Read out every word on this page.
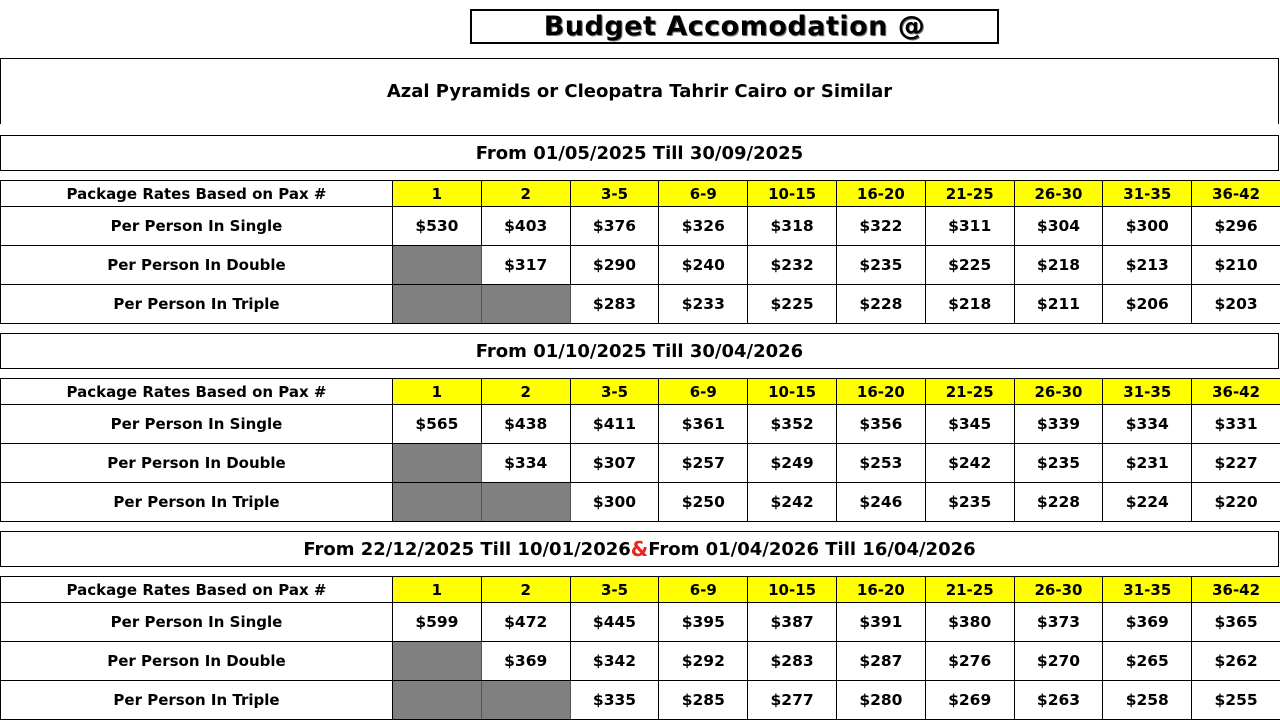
Budget Accomodation @
Azal Pyramids or Cleopatra Tahrir Cairo or Similar
From 01/05/2025 Till 30/09/2025
Package Rates Based on Pax #	1	2	3-5	6-9	10-15	16-20	21-25	26-30	31-35	36-42
Per Person In Single	$530	$403	$376	$326	$318	$322	$311	$304	$300	$296
Per Person In Double		$317	$290	$240	$232	$235	$225	$218	$213	$210
Per Person In Triple			$283	$233	$225	$228	$218	$211	$206	$203
From 01/10/2025 Till 30/04/2026
Package Rates Based on Pax #	1	2	3-5	6-9	10-15	16-20	21-25	26-30	31-35	36-42
Per Person In Single	$565	$438	$411	$361	$352	$356	$345	$339	$334	$331
Per Person In Double		$334	$307	$257	$249	$253	$242	$235	$231	$227
Per Person In Triple			$300	$250	$242	$246	$235	$228	$224	$220
From 22/12/2025 Till 10/01/2026 & From 01/04/2026 Till 16/04/2026
Package Rates Based on Pax #	1	2	3-5	6-9	10-15	16-20	21-25	26-30	31-35	36-42
Per Person In Single	$599	$472	$445	$395	$387	$391	$380	$373	$369	$365
Per Person In Double		$369	$342	$292	$283	$287	$276	$270	$265	$262
Per Person In Triple			$335	$285	$277	$280	$269	$263	$258	$255
